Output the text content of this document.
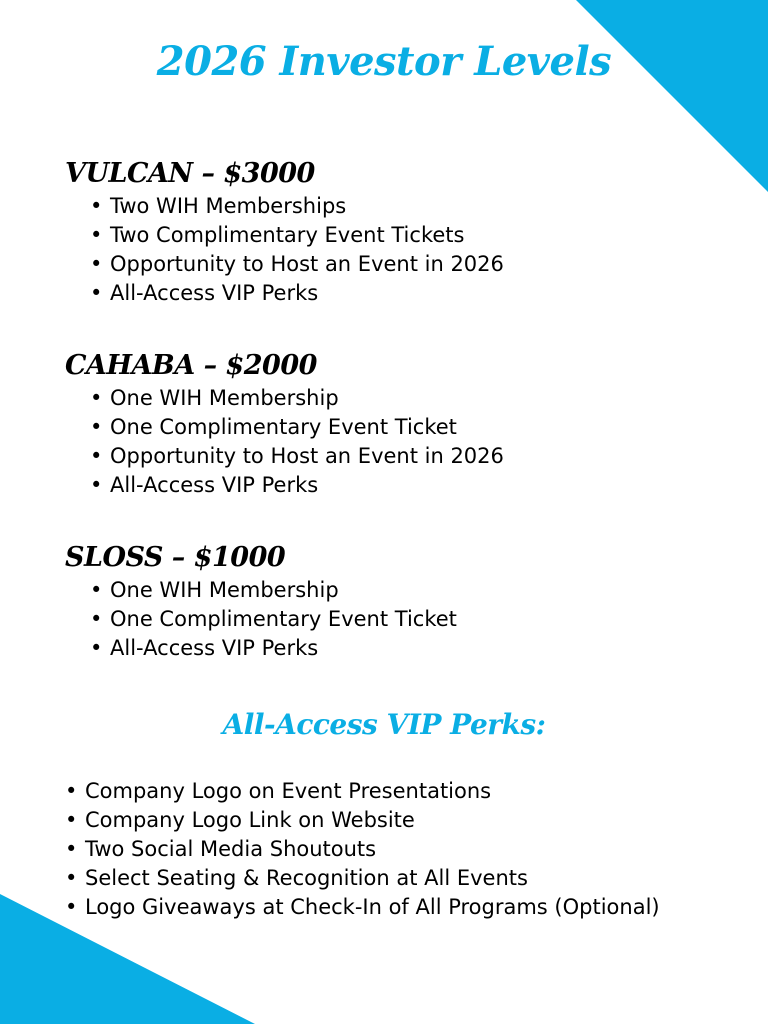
2026 Investor Levels
VULCAN – $3000
• Two WIH Memberships
• Two Complimentary Event Tickets
• Opportunity to Host an Event in 2026
• All-Access VIP Perks
CAHABA – $2000
• One WIH Membership
• One Complimentary Event Ticket
• Opportunity to Host an Event in 2026
• All-Access VIP Perks
SLOSS – $1000
• One WIH Membership
• One Complimentary Event Ticket
• All-Access VIP Perks
All-Access VIP Perks:
• Company Logo on Event Presentations
• Company Logo Link on Website
• Two Social Media Shoutouts
• Select Seating & Recognition at All Events
• Logo Giveaways at Check-In of All Programs (Optional)
